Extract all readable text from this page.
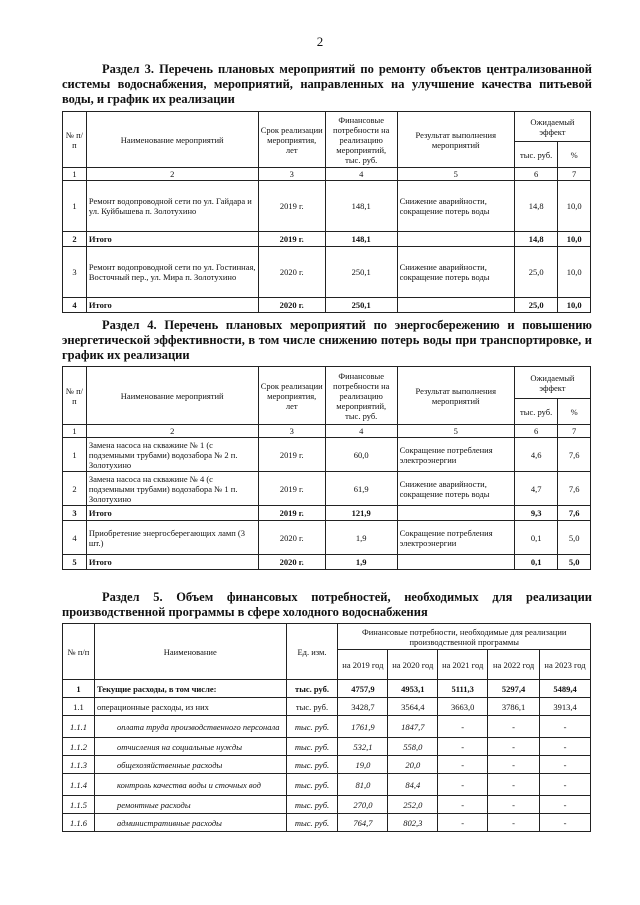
2
Раздел 3. Перечень плановых мероприятий по ремонту объектов централизованной системы водоснабжения, мероприятий, направленных на улучшение качества питьевой воды, и график их реализации
№ п/п	Наименование мероприятий	Срок реализации мероприятия, лет	Финансовые потребности на реализацию мероприятий, тыс. руб.	Результат выполнения мероприятий	Ожидаемый эффект	
					тыс. руб.	%
1	2	3	4	5	6	7
1	Ремонт водопроводной сети по ул. Гайдара и ул. Куйбышева п. Золотухино	2019 г.	148,1	Снижение аварийности, сокращение потерь воды	14,8	10,0
2	Итого	2019 г.	148,1		14,8	10,0
3	Ремонт водопроводной сети по ул. Гостинная, Восточный пер., ул. Мира п. Золотухино	2020 г.	250,1	Снижение аварийности, сокращение потерь воды	25,0	10,0
4	Итого	2020 г.	250,1		25,0	10,0
Раздел 4. Перечень плановых мероприятий по энергосбережению и повышению энергетической эффективности, в том числе снижению потерь воды при транспортировке, и график их реализации
№ п/п	Наименование мероприятий	Срок реализации мероприятия, лет	Финансовые потребности на реализацию мероприятий, тыс. руб.	Результат выполнения мероприятий	Ожидаемый эффект	
					тыс. руб.	%
1	2	3	4	5	6	7
1	Замена насоса на скважине № 1 (с подземными трубами) водозабора № 2 п. Золотухино	2019 г.	60,0	Сокращение потребления электроэнергии	4,6	7,6
2	Замена насоса на скважине № 4 (с подземными трубами) водозабора № 1 п. Золотухино	2019 г.	61,9	Снижение аварийности, сокращение потерь воды	4,7	7,6
3	Итого	2019 г.	121,9		9,3	7,6
4	Приобретение энергосберегающих ламп (3 шт.)	2020 г.	1,9	Сокращение потребления электроэнергии	0,1	5,0
5	Итого	2020 г.	1,9		0,1	5,0
Раздел 5. Объем финансовых потребностей, необходимых для реализации производственной программы в сфере холодного водоснабжения
№ п/п	Наименование	Ед. изм.	Финансовые потребности, необходимые для реализации производственной программы				
			на 2019 год	на 2020 год	на 2021 год	на 2022 год	на 2023 год
1	Текущие расходы, в том числе:	тыс. руб.	4757,9	4953,1	5111,3	5297,4	5489,4
1.1	операционные расходы, из них	тыс. руб.	3428,7	3564,4	3663,0	3786,1	3913,4
1.1.1	оплата труда производственного персонала	тыс. руб.	1761,9	1847,7	-	-	-
1.1.2	отчисления на социальные нужды	тыс. руб.	532,1	558,0	-	-	-
1.1.3	общехозяйственные расходы	тыс. руб.	19,0	20,0	-	-	-
1.1.4	контроль качества воды и сточных вод	тыс. руб.	81,0	84,4	-	-	-
1.1.5	ремонтные расходы	тыс. руб.	270,0	252,0	-	-	-
1.1.6	административные расходы	тыс. руб.	764,7	802,3	-	-	-
